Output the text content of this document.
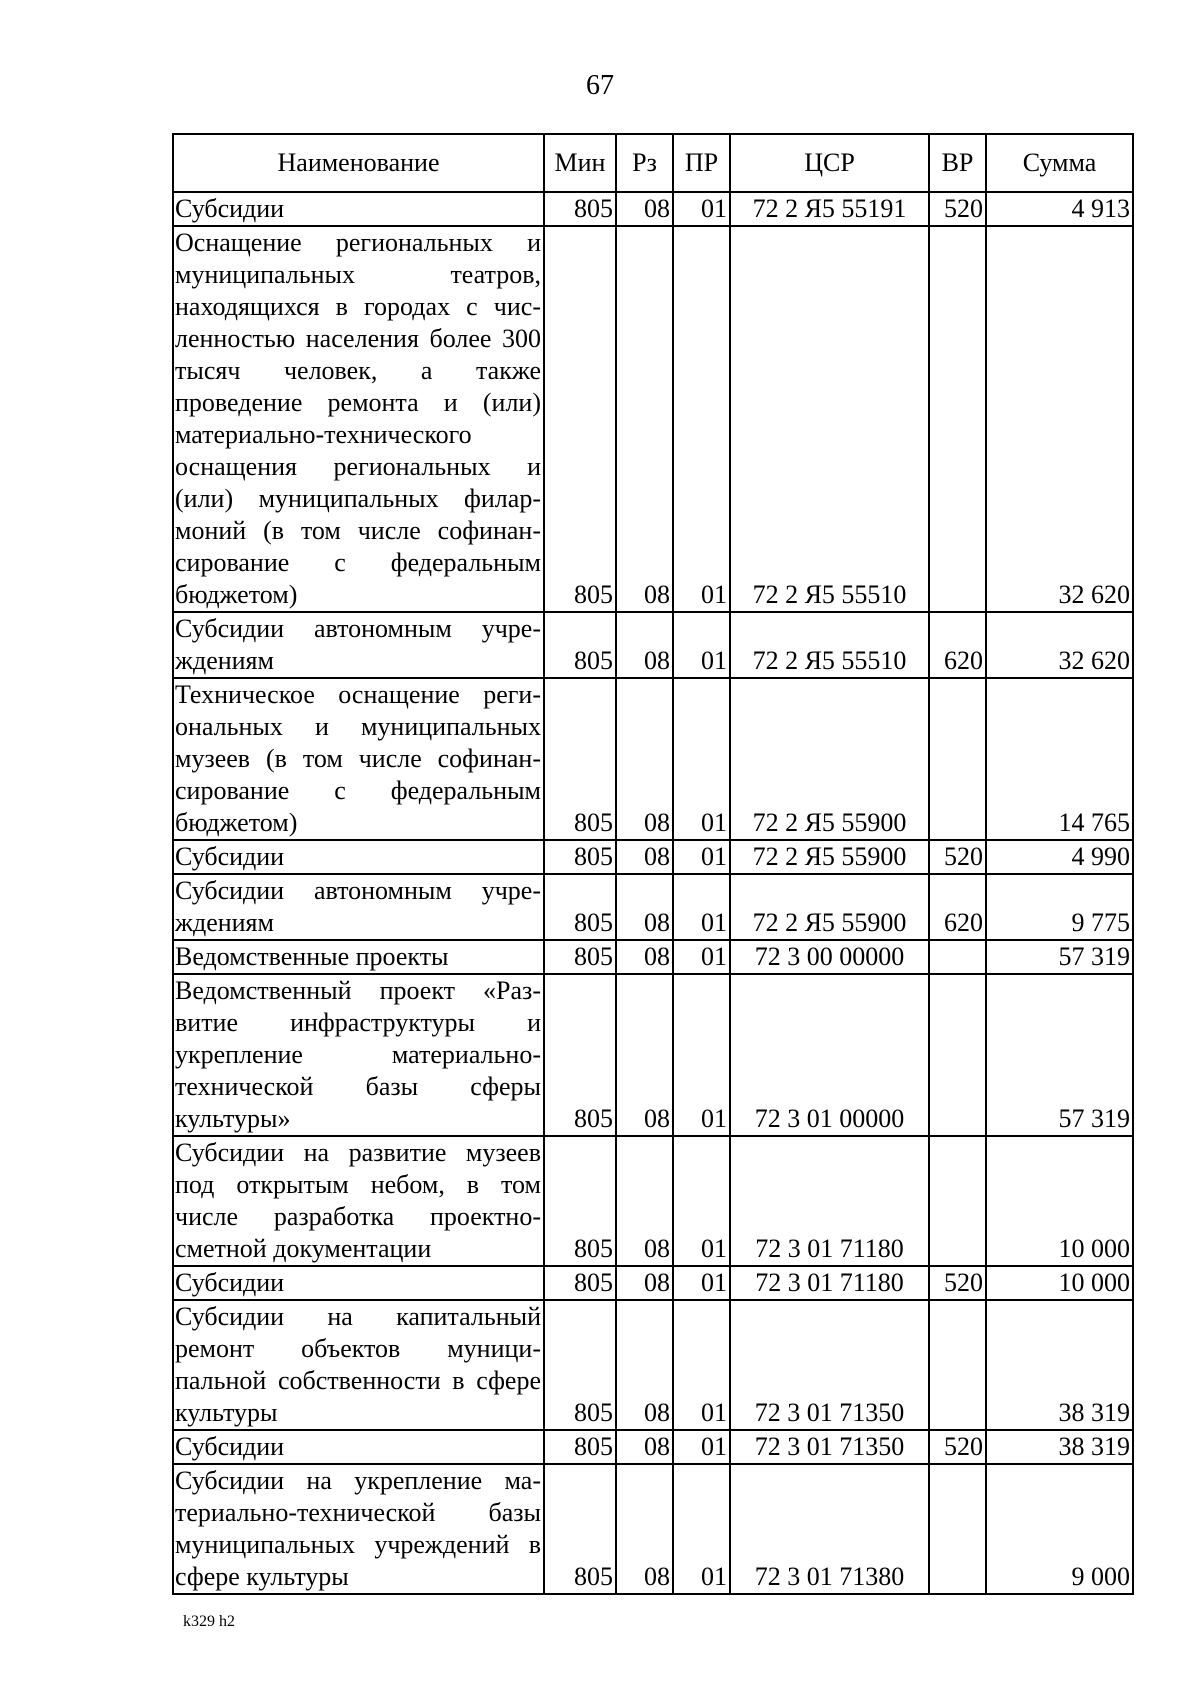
67
Наименование	Мин	Рз	ПР	ЦСР	ВР	Сумма
Субсидии	805	08	01	72 2 Я5 55191	520	4 913
Оснащение региональных и муниципальных театров, находящихся в городах с численностью населения более 300 тысяч человек, а также проведение ремонта и (или) материально-технического оснащения региональных и (или) муниципальных филармоний (в том числе софинансирование с федеральным бюджетом)	805	08	01	72 2 Я5 55510		32 620
Субсидии автономным учреждениям	805	08	01	72 2 Я5 55510	620	32 620
Техническое оснащение региональных и муниципальных музеев (в том числе софинансирование с федеральным бюджетом)	805	08	01	72 2 Я5 55900		14 765
Субсидии	805	08	01	72 2 Я5 55900	520	4 990
Субсидии автономным учреждениям	805	08	01	72 2 Я5 55900	620	9 775
Ведомственные проекты	805	08	01	72 3 00 00000		57 319
Ведомственный проект «Развитие инфраструктуры и укрепление материально-технической базы сферы культуры»	805	08	01	72 3 01 00000		57 319
Субсидии на развитие музеев под открытым небом, в том числе разработка проектно-сметной документации	805	08	01	72 3 01 71180		10 000
Субсидии	805	08	01	72 3 01 71180	520	10 000
Субсидии на капитальный ремонт объектов муниципальной собственности в сфере культуры	805	08	01	72 3 01 71350		38 319
Субсидии	805	08	01	72 3 01 71350	520	38 319
Субсидии на укрепление материально-технической базы муниципальных учреждений в сфере культуры	805	08	01	72 3 01 71380		9 000
k329 h2
